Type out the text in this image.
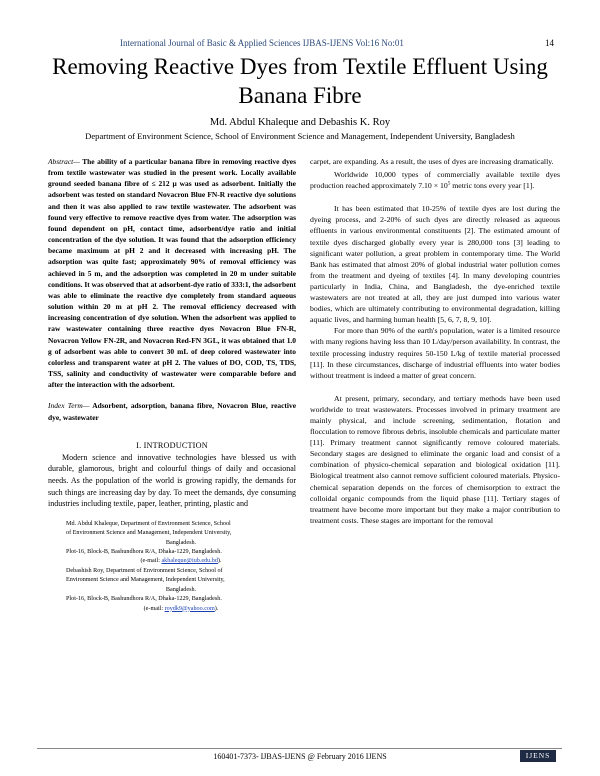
International Journal of Basic & Applied Sciences IJBAS-IJENS Vol:16 No:01	14
Removing Reactive Dyes from Textile Effluent Using
Banana Fibre
Md. Abdul Khaleque and Debashis K. Roy
Department of Environment Science, School of Environment Science and Management, Independent University, Bangladesh

Abstract— The ability of a particular banana fibre in removing reactive dyes from textile wastewater was studied in the present work. Locally available ground seeded banana fibre of ≤ 212 μ was used as adsorbent. Initially the adsorbent was tested on standard Novacron Blue FN-R reactive dye solutions and then it was also applied to raw textile wastewater. The adsorbent was found very effective to remove reactive dyes from water. The adsorption was found dependent on pH, contact time, adsorbent/dye ratio and initial concentration of the dye solution. It was found that the adsorption efficiency became maximum at pH 2 and it decreased with increasing pH. The adsorption was quite fast; approximately 90% of removal efficiency was achieved in 5 m, and the adsorption was completed in 20 m under suitable conditions. It was observed that at adsorbent-dye ratio of 333:1, the adsorbent was able to eliminate the reactive dye completely from standard aqueous solution within 20 m at pH 2. The removal efficiency decreased with increasing concentration of dye solution. When the adsorbent was applied to raw wastewater containing three reactive dyes Novacron Blue FN-R, Novacron Yellow FN-2R, and Novacron Red-FN 3GL, it was obtained that 1.0 g of adsorbent was able to convert 30 mL of deep colored wastewater into colorless and transparent water at pH 2. The values of DO, COD, TS, TDS, TSS, salinity and conductivity of wastewater were comparable before and after the interaction with the adsorbent.

Index Term— Adsorbent, adsorption, banana fibre, Novacron Blue, reactive dye, wastewater

I. INTRODUCTION

Modern science and innovative technologies have blessed us with durable, glamorous, bright and colourful things of daily and occasional needs. As the population of the world is growing rapidly, the demands for such things are increasing day by day. To meet the demands, dye consuming industries including textile, paper, leather, printing, plastic and

Md. Abdul Khaleque, Department of Environment Science, School
of Environment Science and Management, Independent University,
Bangladesh.
Plot-16, Block-B, Bashundhora R/A, Dhaka-1229, Bangladesh.
(e-mail: akhaleque@iub.edu.bd).
Debashish Roy, Department of Environment Science, School of
Environment Science and Management, Independent University,
Bangladesh.
Plot-16, Block-B, Bashundhora R/A, Dhaka-1229, Bangladesh.
(e-mail: roydk9@yahoo.com).

carpet, are expanding. As a result, the uses of dyes are increasing dramatically.

Worldwide 10,000 types of commercially available textile dyes production reached approximately $7.10 \times 10^5$ metric tons every year [1].

It has been estimated that 10-25% of textile dyes are lost during the dyeing process, and 2-20% of such dyes are directly released as aqueous effluents in various environmental constituents [2]. The estimated amount of textile dyes discharged globally every year is 280,000 tons [3] leading to significant water pollution, a great problem in contemporary time. The World Bank has estimated that almost 20% of global industrial water pollution comes from the treatment and dyeing of textiles [4]. In many developing countries particularly in India, China, and Bangladesh, the dye-enriched textile wastewaters are not treated at all, they are just dumped into various water bodies, which are ultimately contributing to environmental degradation, killing aquatic lives, and harming human health [5, 6, 7, 8, 9, 10].

For more than 90% of the earth's population, water is a limited resource with many regions having less than 10 L/day/person availability. In contrast, the textile processing industry requires 50-150 L/kg of textile material processed [11]. In these circumstances, discharge of industrial effluents into water bodies without treatment is indeed a matter of great concern.

At present, primary, secondary, and tertiary methods have been used worldwide to treat wastewaters. Processes involved in primary treatment are mainly physical, and include screening, sedimentation, flotation and flocculation to remove fibrous debris, insoluble chemicals and particulate matter [11]. Primary treatment cannot significantly remove coloured materials. Secondary stages are designed to eliminate the organic load and consist of a combination of physico-chemical separation and biological oxidation [11]. Biological treatment also cannot remove sufficient coloured materials. Physico-chemical separation depends on the forces of chemisorption to extract the colloidal organic compounds from the liquid phase [11]. Tertiary stages of treatment have become more important but they make a major contribution to treatment costs. These stages are important for the removal

160401-7373- IJBAS-IJENS @ February 2016 IJENS	IJENS
